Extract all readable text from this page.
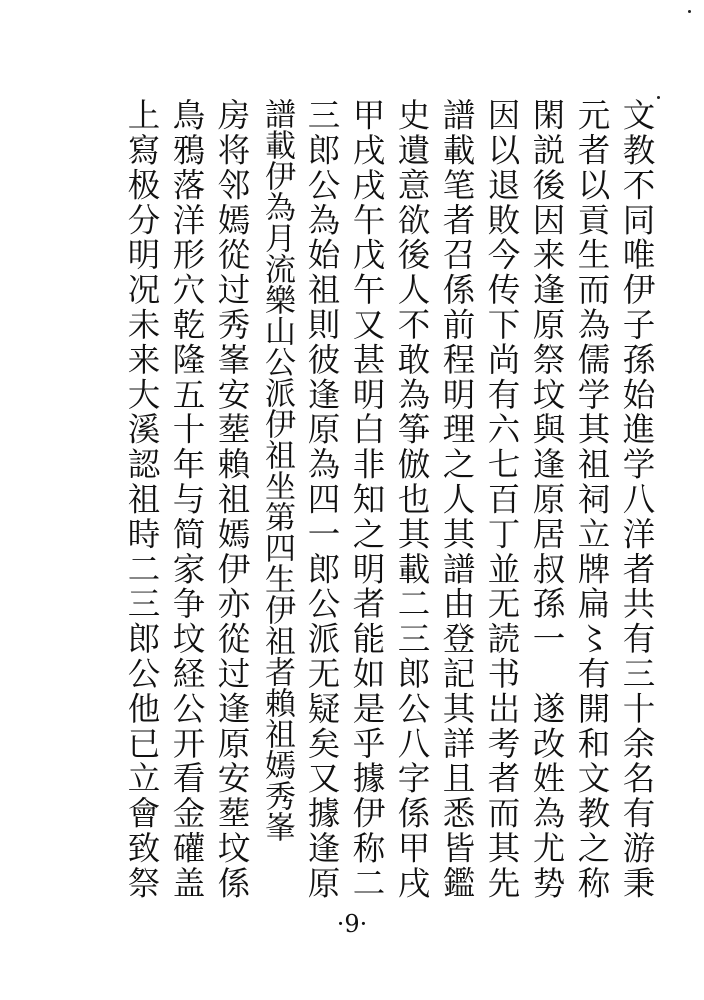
文教不同唯伊子孫始進学八洋者共有三十余名有游秉
元者以貢生而為儒学其祖祠立牌扁〻有開和文教之称
閑説後因来逢原祭坟與逢原居叔孫一　遂改姓為尤势
因以退敗今传下尚有六七百丁並无読书岀考者而其先
譜載笔者召係前程明理之人其譜由登記其詳且悉皆鑑
史遺意欲後人不敢為筝倣也其載二三郎公八字係甲戌
甲戌戌午戊午又甚明白非知之明者能如是乎據伊称二
三郎公為始祖則彼逢原為四一郎公派无疑矣又據逢原
譜載伊為月流樂山公派伊祖坐第四生伊祖者賴祖嫣秀峯
房将邻嫣從过秀峯安塟賴祖嫣伊亦從过逢原安塟坟係
鳥鴉落洋形穴乾隆五十年与简家争坟経公开看金礶盖
上寫极分明况未来大溪認祖時二三郎公他已立會致祭
·9·
